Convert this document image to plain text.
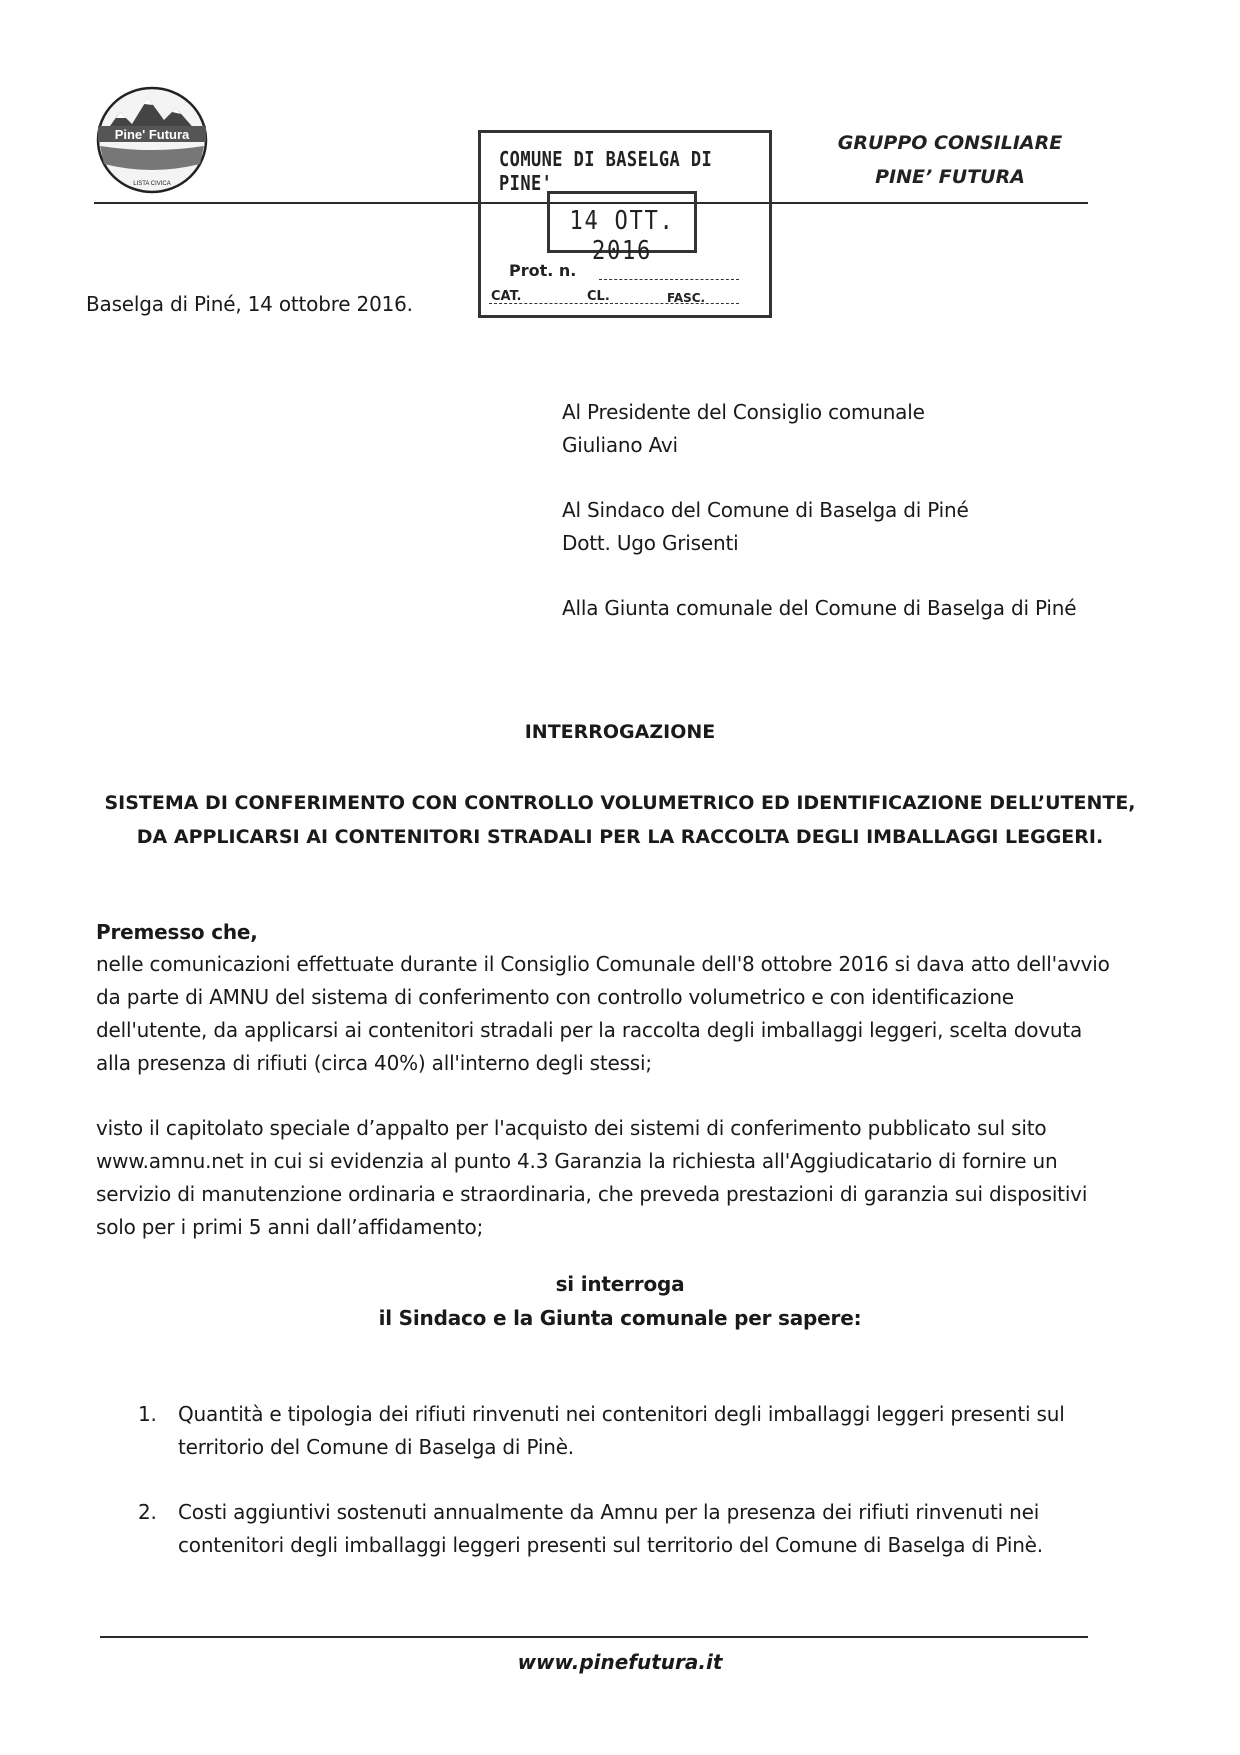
Pine' Futura
LISTA CIVICA
GRUPPO CONSILIARE
PINE’ FUTURA
COMUNE DI BASELGA DI PINE'
14 OTT. 2016
Prot. n.
CAT.	CL.	FASC.
Baselga di Piné, 14 ottobre 2016.
Al Presidente del Consiglio comunale
Giuliano Avi
Al Sindaco del Comune di Baselga di Piné
Dott. Ugo Grisenti
Alla Giunta comunale del Comune di Baselga di Piné
INTERROGAZIONE
SISTEMA DI CONFERIMENTO CON CONTROLLO VOLUMETRICO ED IDENTIFICAZIONE DELL’UTENTE, DA APPLICARSI AI CONTENITORI STRADALI PER LA RACCOLTA DEGLI IMBALLAGGI LEGGERI.
Premesso che,
nelle comunicazioni effettuate durante il Consiglio Comunale dell'8 ottobre 2016 si dava atto dell'avvio da parte di AMNU del sistema di conferimento con controllo volumetrico e con identificazione dell'utente, da applicarsi ai contenitori stradali per la raccolta degli imballaggi leggeri, scelta dovuta alla presenza di rifiuti (circa 40%) all'interno degli stessi;
visto il capitolato speciale d’appalto per l'acquisto dei sistemi di conferimento pubblicato sul sito www.amnu.net in cui si evidenzia al punto 4.3 Garanzia la richiesta all'Aggiudicatario di fornire un servizio di manutenzione ordinaria e straordinaria, che preveda prestazioni di garanzia sui dispositivi solo per i primi 5 anni dall’affidamento;
si interroga
il Sindaco e la Giunta comunale per sapere:
1.	Quantità e tipologia dei rifiuti rinvenuti nei contenitori degli imballaggi leggeri presenti sul territorio del Comune di Baselga di Pinè.
2.	Costi aggiuntivi sostenuti annualmente da Amnu per la presenza dei rifiuti rinvenuti nei contenitori degli imballaggi leggeri presenti sul territorio del Comune di Baselga di Pinè.
www.pinefutura.it
